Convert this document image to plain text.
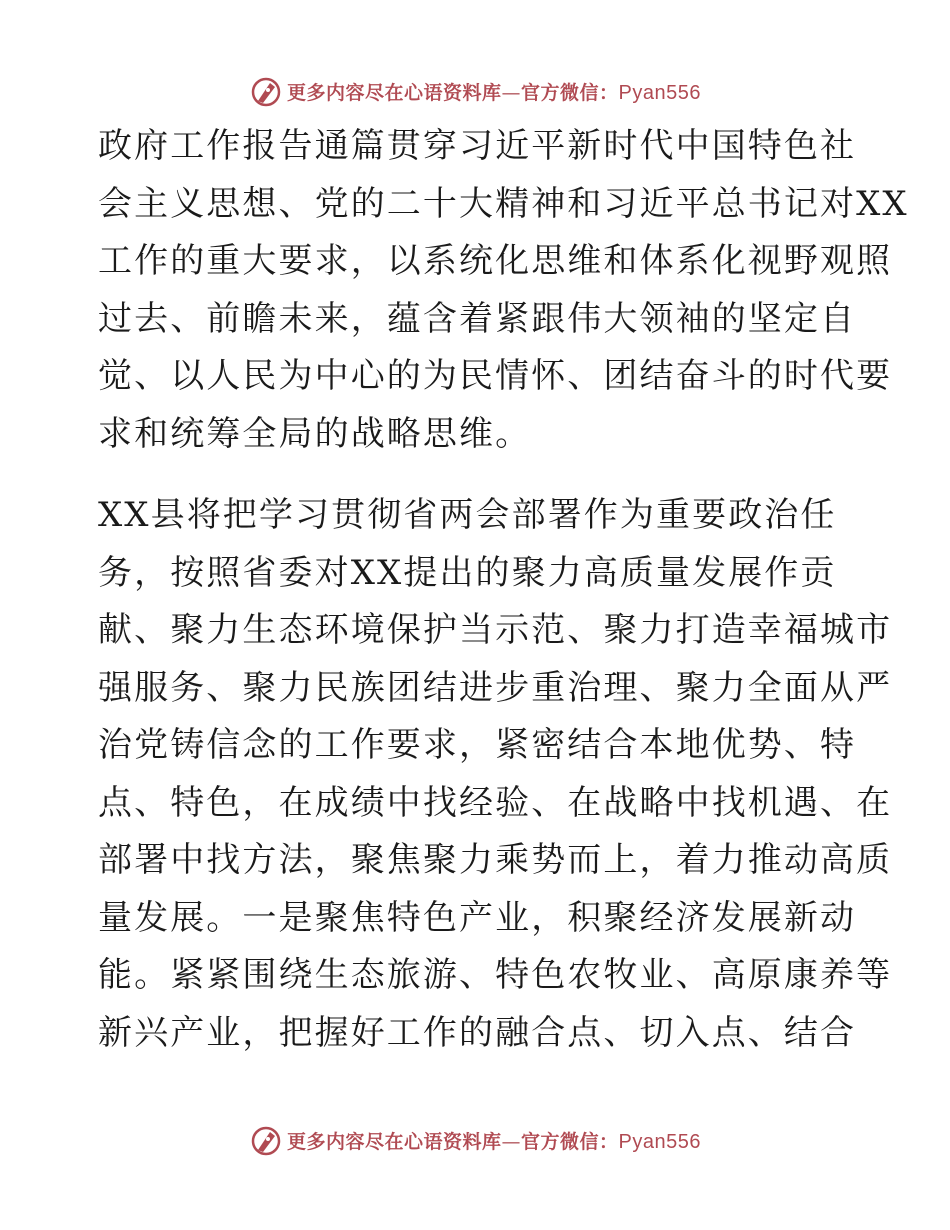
更多内容尽在心语资料库—官方微信：Pyan556
政府工作报告通篇贯穿习近平新时代中国特色社
会主义思想、党的二十大精神和习近平总书记对XX
工作的重大要求，以系统化思维和体系化视野观照
过去、前瞻未来，蕴含着紧跟伟大领袖的坚定自
觉、以人民为中心的为民情怀、团结奋斗的时代要
求和统筹全局的战略思维。
XX县将把学习贯彻省两会部署作为重要政治任
务，按照省委对XX提出的聚力高质量发展作贡
献、聚力生态环境保护当示范、聚力打造幸福城市
强服务、聚力民族团结进步重治理、聚力全面从严
治党铸信念的工作要求，紧密结合本地优势、特
点、特色，在成绩中找经验、在战略中找机遇、在
部署中找方法，聚焦聚力乘势而上，着力推动高质
量发展。一是聚焦特色产业，积聚经济发展新动
能。紧紧围绕生态旅游、特色农牧业、高原康养等
新兴产业，把握好工作的融合点、切入点、结合
更多内容尽在心语资料库—官方微信：Pyan556
